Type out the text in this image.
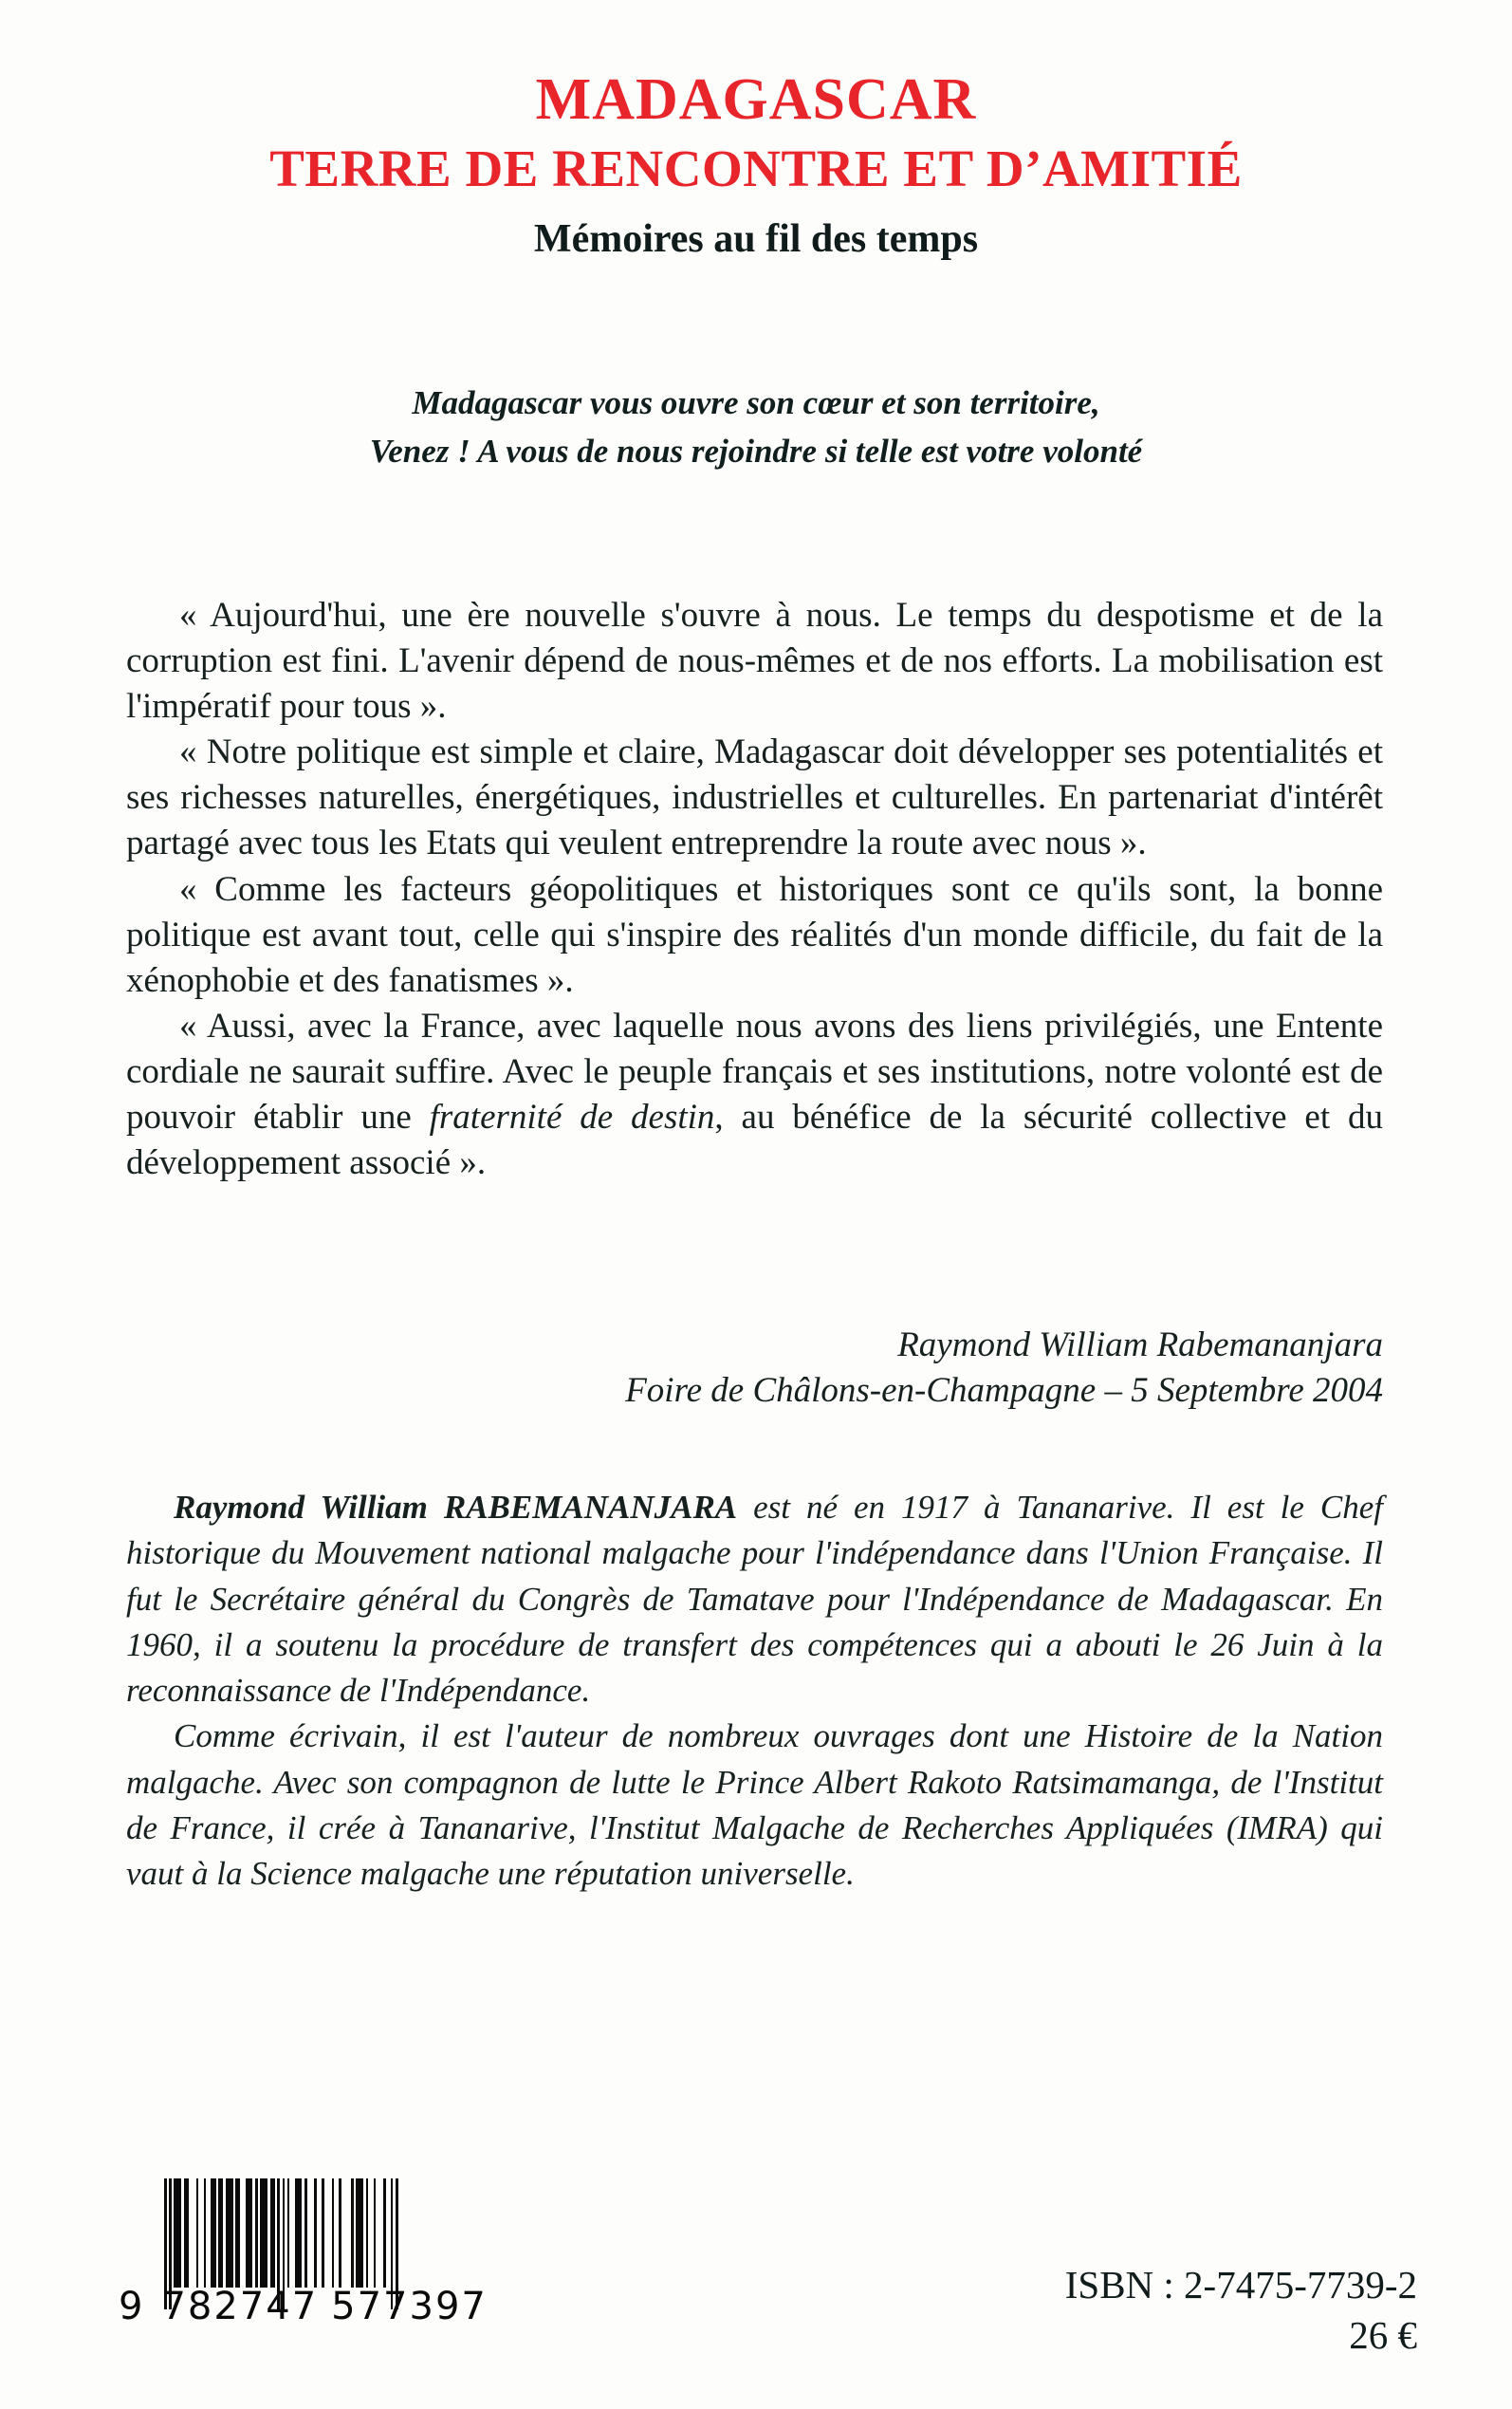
MADAGASCAR
TERRE DE RENCONTRE ET D’AMITIÉ
Mémoires au fil des temps
Madagascar vous ouvre son cœur et son territoire,
Venez ! A vous de nous rejoindre si telle est votre volonté

« Aujourd'hui, une ère nouvelle s'ouvre à nous. Le temps du despotisme et de la corruption est fini. L'avenir dépend de nous-mêmes et de nos efforts. La mobilisation est l'impératif pour tous ».

« Notre politique est simple et claire, Madagascar doit développer ses potentialités et ses richesses naturelles, énergétiques, industrielles et culturelles. En partenariat d'intérêt partagé avec tous les Etats qui veulent entreprendre la route avec nous ».

« Comme les facteurs géopolitiques et historiques sont ce qu'ils sont, la bonne politique est avant tout, celle qui s'inspire des réalités d'un monde difficile, du fait de la xénophobie et des fanatismes ».

« Aussi, avec la France, avec laquelle nous avons des liens privilégiés, une Entente cordiale ne saurait suffire. Avec le peuple français et ses institutions, notre volonté est de pouvoir établir une fraternité de destin, au bénéfice de la sécurité collective et du développement associé ».

Raymond William Rabemananjara
Foire de Châlons-en-Champagne – 5 Septembre 2004

Raymond William RABEMANANJARA est né en 1917 à Tananarive. Il est le Chef historique du Mouvement national malgache pour l'indépendance dans l'Union Française. Il fut le Secrétaire général du Congrès de Tamatave pour l'Indépendance de Madagascar. En 1960, il a soutenu la procédure de transfert des compétences qui a abouti le 26 Juin à la reconnaissance de l'Indépendance.

Comme écrivain, il est l'auteur de nombreux ouvrages dont une Histoire de la Nation malgache. Avec son compagnon de lutte le Prince Albert Rakoto Ratsimamanga, de l'Institut de France, il crée à Tananarive, l'Institut Malgache de Recherches Appliquées (IMRA) qui vaut à la Science malgache une réputation universelle.

9 782747 577397	ISBN : 2-7475-7739-2
26 €
